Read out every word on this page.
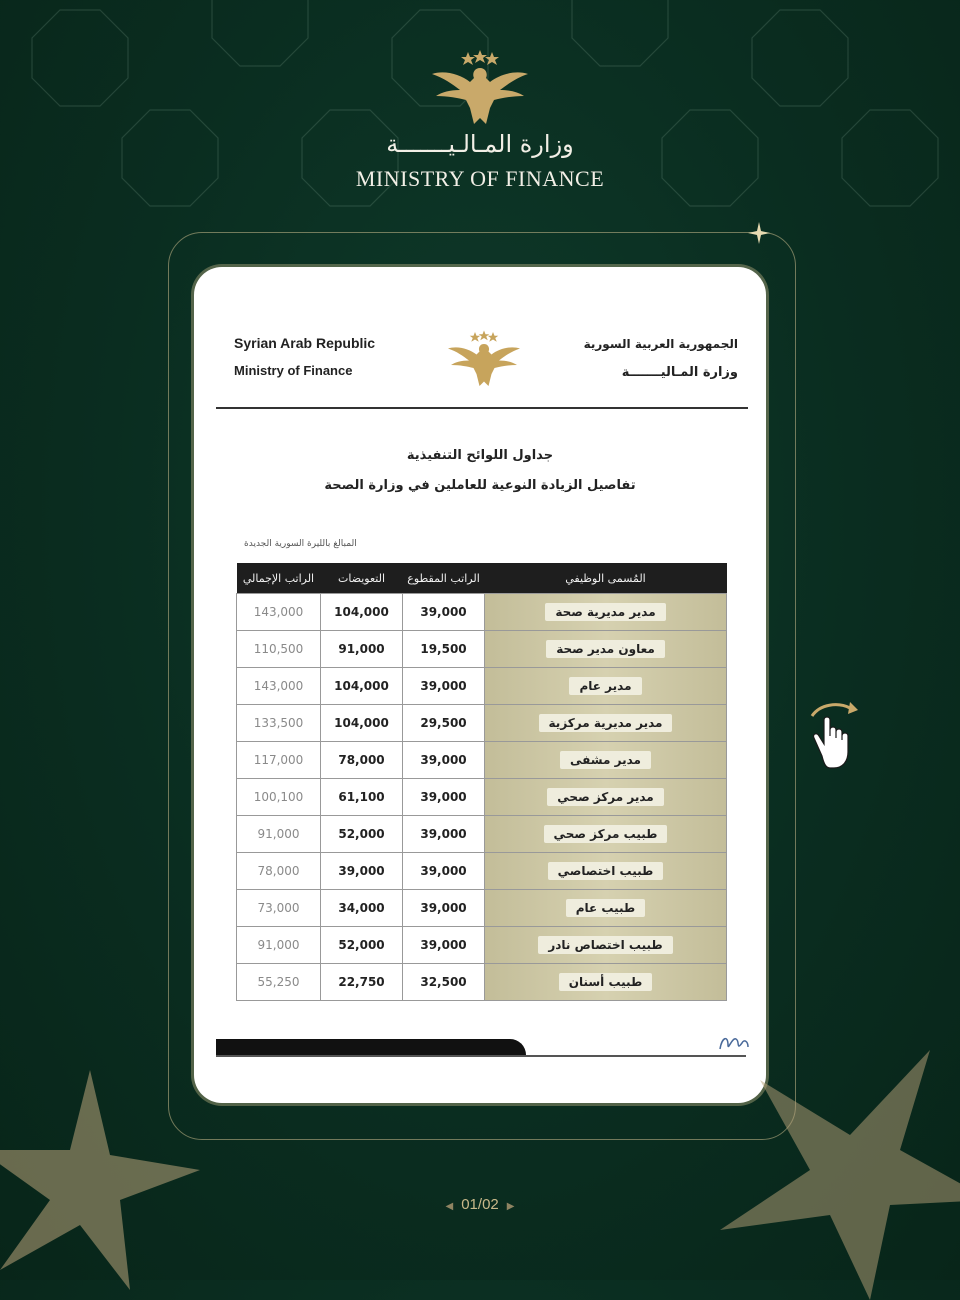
وزارة المـالـيـــــــة
MINISTRY OF FINANCE
Syrian Arab Republic
Ministry of Finance
الجمهورية العربية السورية
وزارة المـاليـــــــة
جداول اللوائح التنفيذية
تفاصيل الزيادة النوعية للعاملين في وزارة الصحة
المبالغ بالليرة السورية الجديدة
الراتب الإجمالي	التعويضات	الراتب المقطوع	المُسمى الوظيفي
143,000	104,000	39,000	مدير مديرية صحة
110,500	91,000	19,500	معاون مدير صحة
143,000	104,000	39,000	مدير عام
133,500	104,000	29,500	مدير مديرية مركزية
117,000	78,000	39,000	مدير مشفى
100,100	61,100	39,000	مدير مركز صحي
91,000	52,000	39,000	طبيب مركز صحي
78,000	39,000	39,000	طبيب اختصاصي
73,000	34,000	39,000	طبيب عام
91,000	52,000	39,000	طبيب اختصاص نادر
55,250	22,750	32,500	طبيب أسنان
◀ 01/02 ▶
